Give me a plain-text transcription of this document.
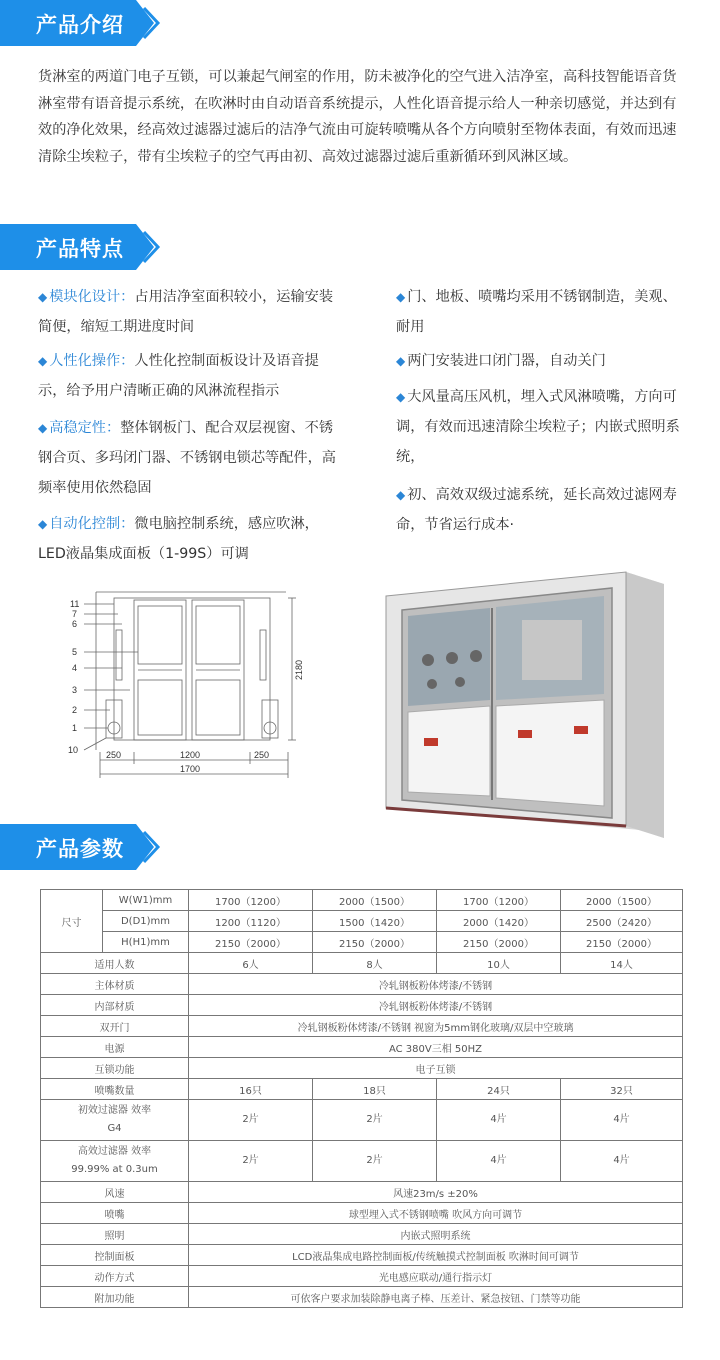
产品介绍
货淋室的两道门电子互锁，可以兼起气闸室的作用，防未被净化的空气进入洁净室，高科技智能语音货淋室带有语音提示系统，在吹淋时由自动语音系统提示，人性化语音提示给人一种亲切感觉，并达到有效的净化效果，经高效过滤器过滤后的洁净气流由可旋转喷嘴从各个方向喷射至物体表面，有效而迅速清除尘埃粒子，带有尘埃粒子的空气再由初、高效过滤器过滤后重新循环到风淋区域。
产品特点
◆ 模块化设计：占用洁净室面积较小，运输安装简便，缩短工期进度时间
◆ 人性化操作：人性化控制面板设计及语音提示，给予用户清晰正确的风淋流程指示
◆ 高稳定性：整体钢板门、配合双层视窗、不锈钢合页、多玛闭门器、不锈钢电锁芯等配件，高频率使用依然稳固
◆ 自动化控制：微电脑控制系统，感应吹淋，LED液晶集成面板（1-99S）可调
◆ 门、地板、喷嘴均采用不锈钢制造，美观、耐用
◆ 两门安装进口闭门器，自动关门
◆ 大风量高压风机，埋入式风淋喷嘴，方向可调，有效而迅速清除尘埃粒子；内嵌式照明系统，
◆ 初、高效双级过滤系统，延长高效过滤网寿命，节省运行成本·
11
7
6
5
4
3
2
1
10
2180
250	1200	250
1700
产品参数
尺寸	W(W1)mm	1700（1200）	2000（1500）	1700（1200）	2000（1500）
	D(D1)mm	1200（1120）	1500（1420）	2000（1420）	2500（2420）
	H(H1)mm	2150（2000）	2150（2000）	2150（2000）	2150（2000）
适用人数		6人	8人	10人	14人
主体材质		冷轧钢板粉体烤漆/不锈钢			
内部材质		冷轧钢板粉体烤漆/不锈钢			
双开门		冷轧钢板粉体烤漆/不锈钢 视窗为5mm钢化玻璃/双层中空玻璃			
电源		AC 380V三相 50HZ			
互锁功能		电子互锁			
喷嘴数量		16只	18只	24只	32只
初效过滤器 效率
G4		2片	2片	4片	4片
高效过滤器 效率
99.99% at 0.3um		2片	2片	4片	4片
风速		风速23m/s ±20%			
喷嘴		球型埋入式不锈钢喷嘴 吹风方向可调节			
照明		内嵌式照明系统			
控制面板		LCD液晶集成电路控制面板/传统触摸式控制面板 吹淋时间可调节			
动作方式		光电感应联动/通行指示灯			
附加功能		可依客户要求加装除静电离子棒、压差计、紧急按钮、门禁等功能			
